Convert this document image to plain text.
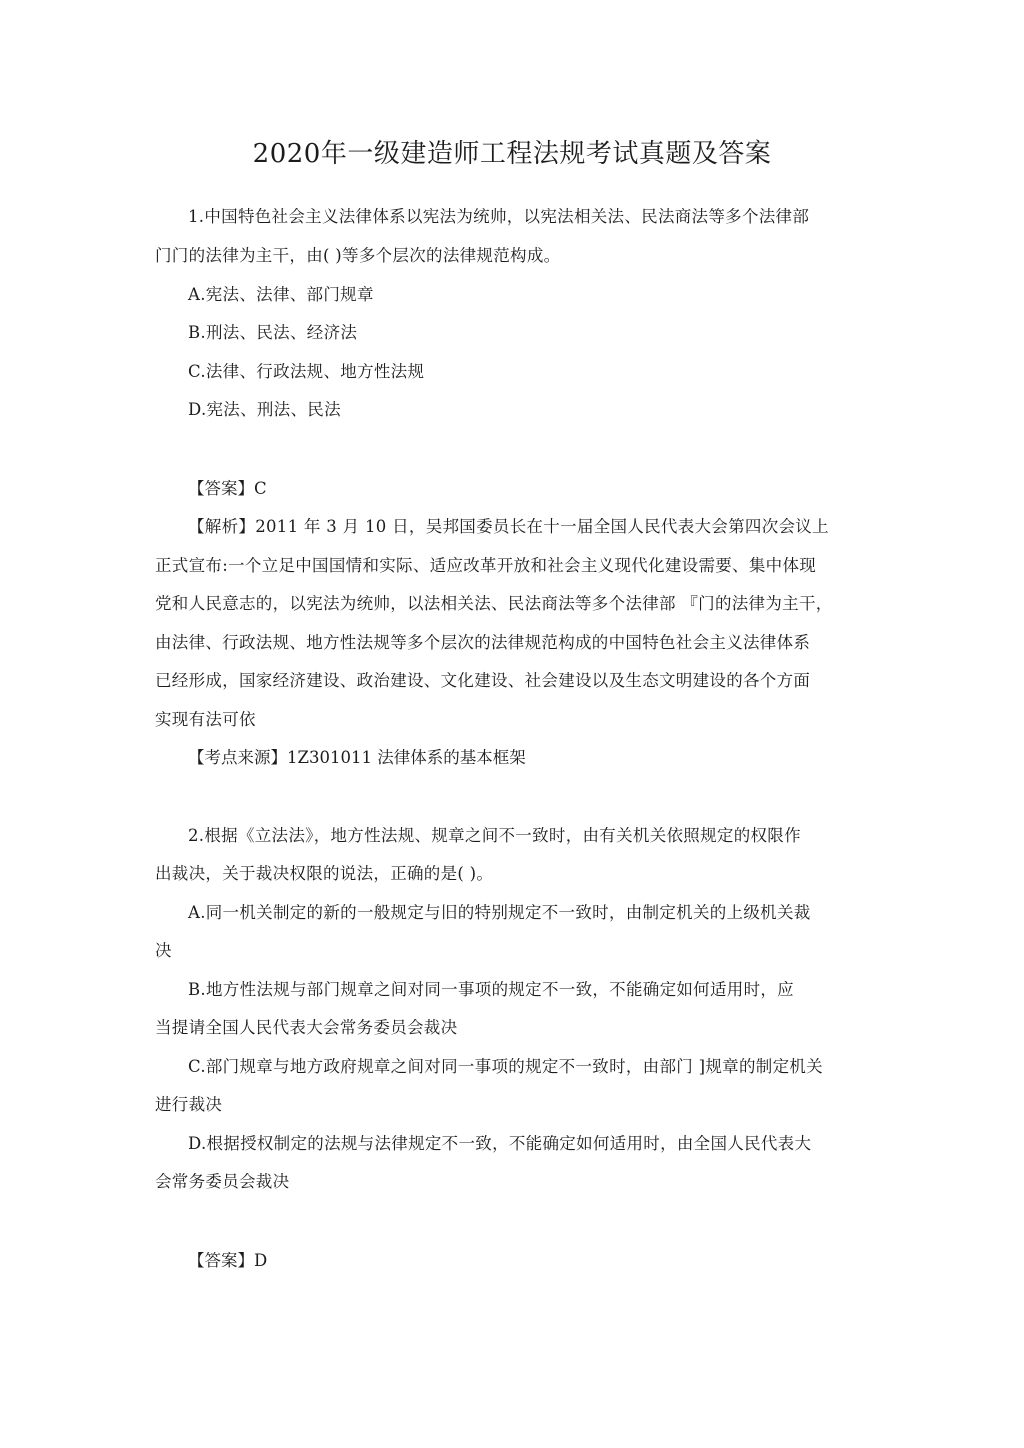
2020年一级建造师工程法规考试真题及答案
1.中国特色社会主义法律体系以宪法为统帅，以宪法相关法、民法商法等多个法律部
门门的法律为主干，由( )等多个层次的法律规范构成。
A.宪法、法律、部门规章
B.刑法、民法、经济法
C.法律、行政法规、地方性法规
D.宪法、刑法、民法
【答案】C
【解析】2011 年 3 月 10 日，吴邦国委员长在十一届全国人民代表大会第四次会议上
正式宣布:一个立足中国国情和实际、适应改革开放和社会主义现代化建设需要、集中体现
党和人民意志的，以宪法为统帅，以法相关法、民法商法等多个法律部 『门的法律为主干，
由法律、行政法规、地方性法规等多个层次的法律规范构成的中国特色社会主义法律体系
已经形成，国家经济建设、政治建设、文化建设、社会建设以及生态文明建设的各个方面
实现有法可依
【考点来源】1Z301011 法律体系的基本框架
2.根据《立法法》，地方性法规、规章之间不一致时，由有关机关依照规定的权限作
出裁决，关于裁决权限的说法，正确的是( )。
A.同一机关制定的新的一般规定与旧的特别规定不一致时，由制定机关的上级机关裁
决
B.地方性法规与部门规章之间对同一事项的规定不一致，不能确定如何适用时，应
当提请全国人民代表大会常务委员会裁决
C.部门规章与地方政府规章之间对同一事项的规定不一致时，由部门 ]规章的制定机关
进行裁决
D.根据授权制定的法规与法律规定不一致，不能确定如何适用时，由全国人民代表大
会常务委员会裁决
【答案】D
